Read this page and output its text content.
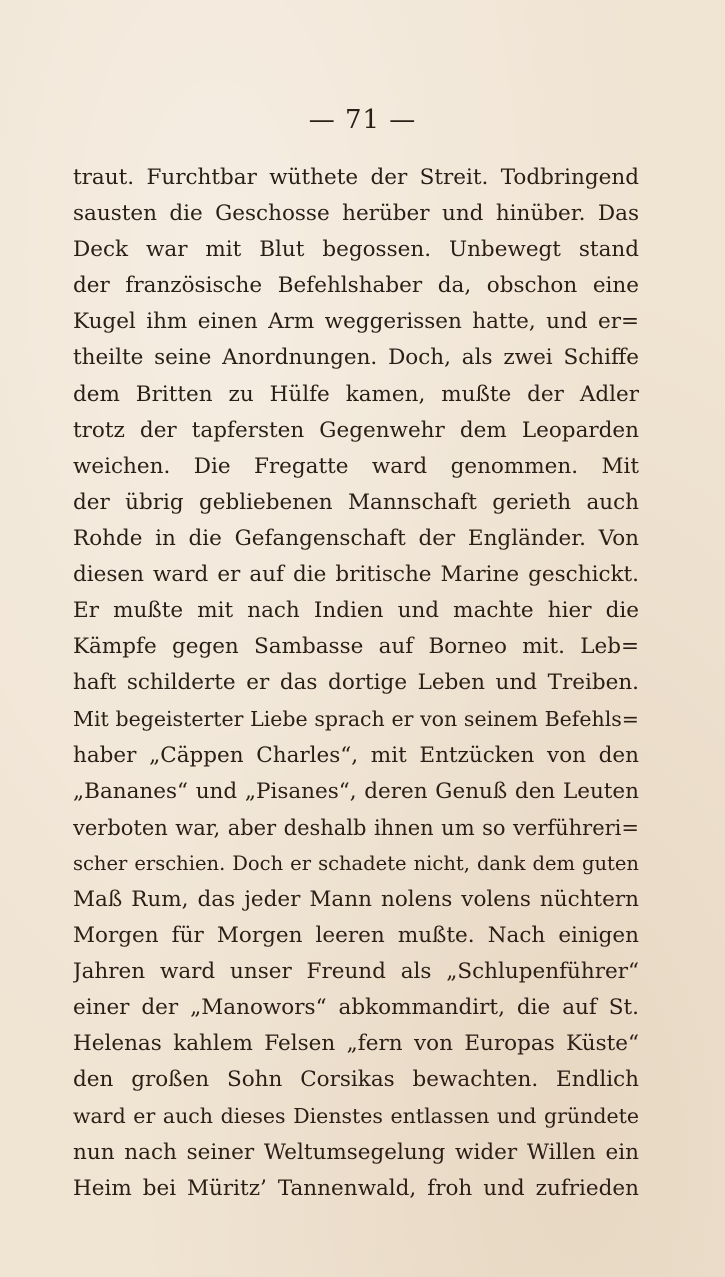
— 71 —
traut. Furchtbar wüthete der Streit. Todbringend
sausten die Geschosse herüber und hinüber. Das
Deck war mit Blut begossen. Unbewegt stand
der französische Befehlshaber da, obschon eine
Kugel ihm einen Arm weggerissen hatte, und er=
theilte seine Anordnungen. Doch, als zwei Schiffe
dem Britten zu Hülfe kamen, mußte der Adler
trotz der tapfersten Gegenwehr dem Leoparden
weichen. Die Fregatte ward genommen. Mit
der übrig gebliebenen Mannschaft gerieth auch
Rohde in die Gefangenschaft der Engländer. Von
diesen ward er auf die britische Marine geschickt.
Er mußte mit nach Indien und machte hier die
Kämpfe gegen Sambasse auf Borneo mit. Leb=
haft schilderte er das dortige Leben und Treiben.
Mit begeisterter Liebe sprach er von seinem Befehls=
haber „Cäppen Charles“, mit Entzücken von den
„Bananes“ und „Pisanes“, deren Genuß den Leuten
verboten war, aber deshalb ihnen um so verführeri=
scher erschien. Doch er schadete nicht, dank dem guten
Maß Rum, das jeder Mann nolens volens nüchtern
Morgen für Morgen leeren mußte. Nach einigen
Jahren ward unser Freund als „Schlupenführer“
einer der „Manowors“ abkommandirt, die auf St.
Helenas kahlem Felsen „fern von Europas Küste“
den großen Sohn Corsikas bewachten. Endlich
ward er auch dieses Dienstes entlassen und gründete
nun nach seiner Weltumsegelung wider Willen ein
Heim bei Müritz’ Tannenwald, froh und zufrieden
